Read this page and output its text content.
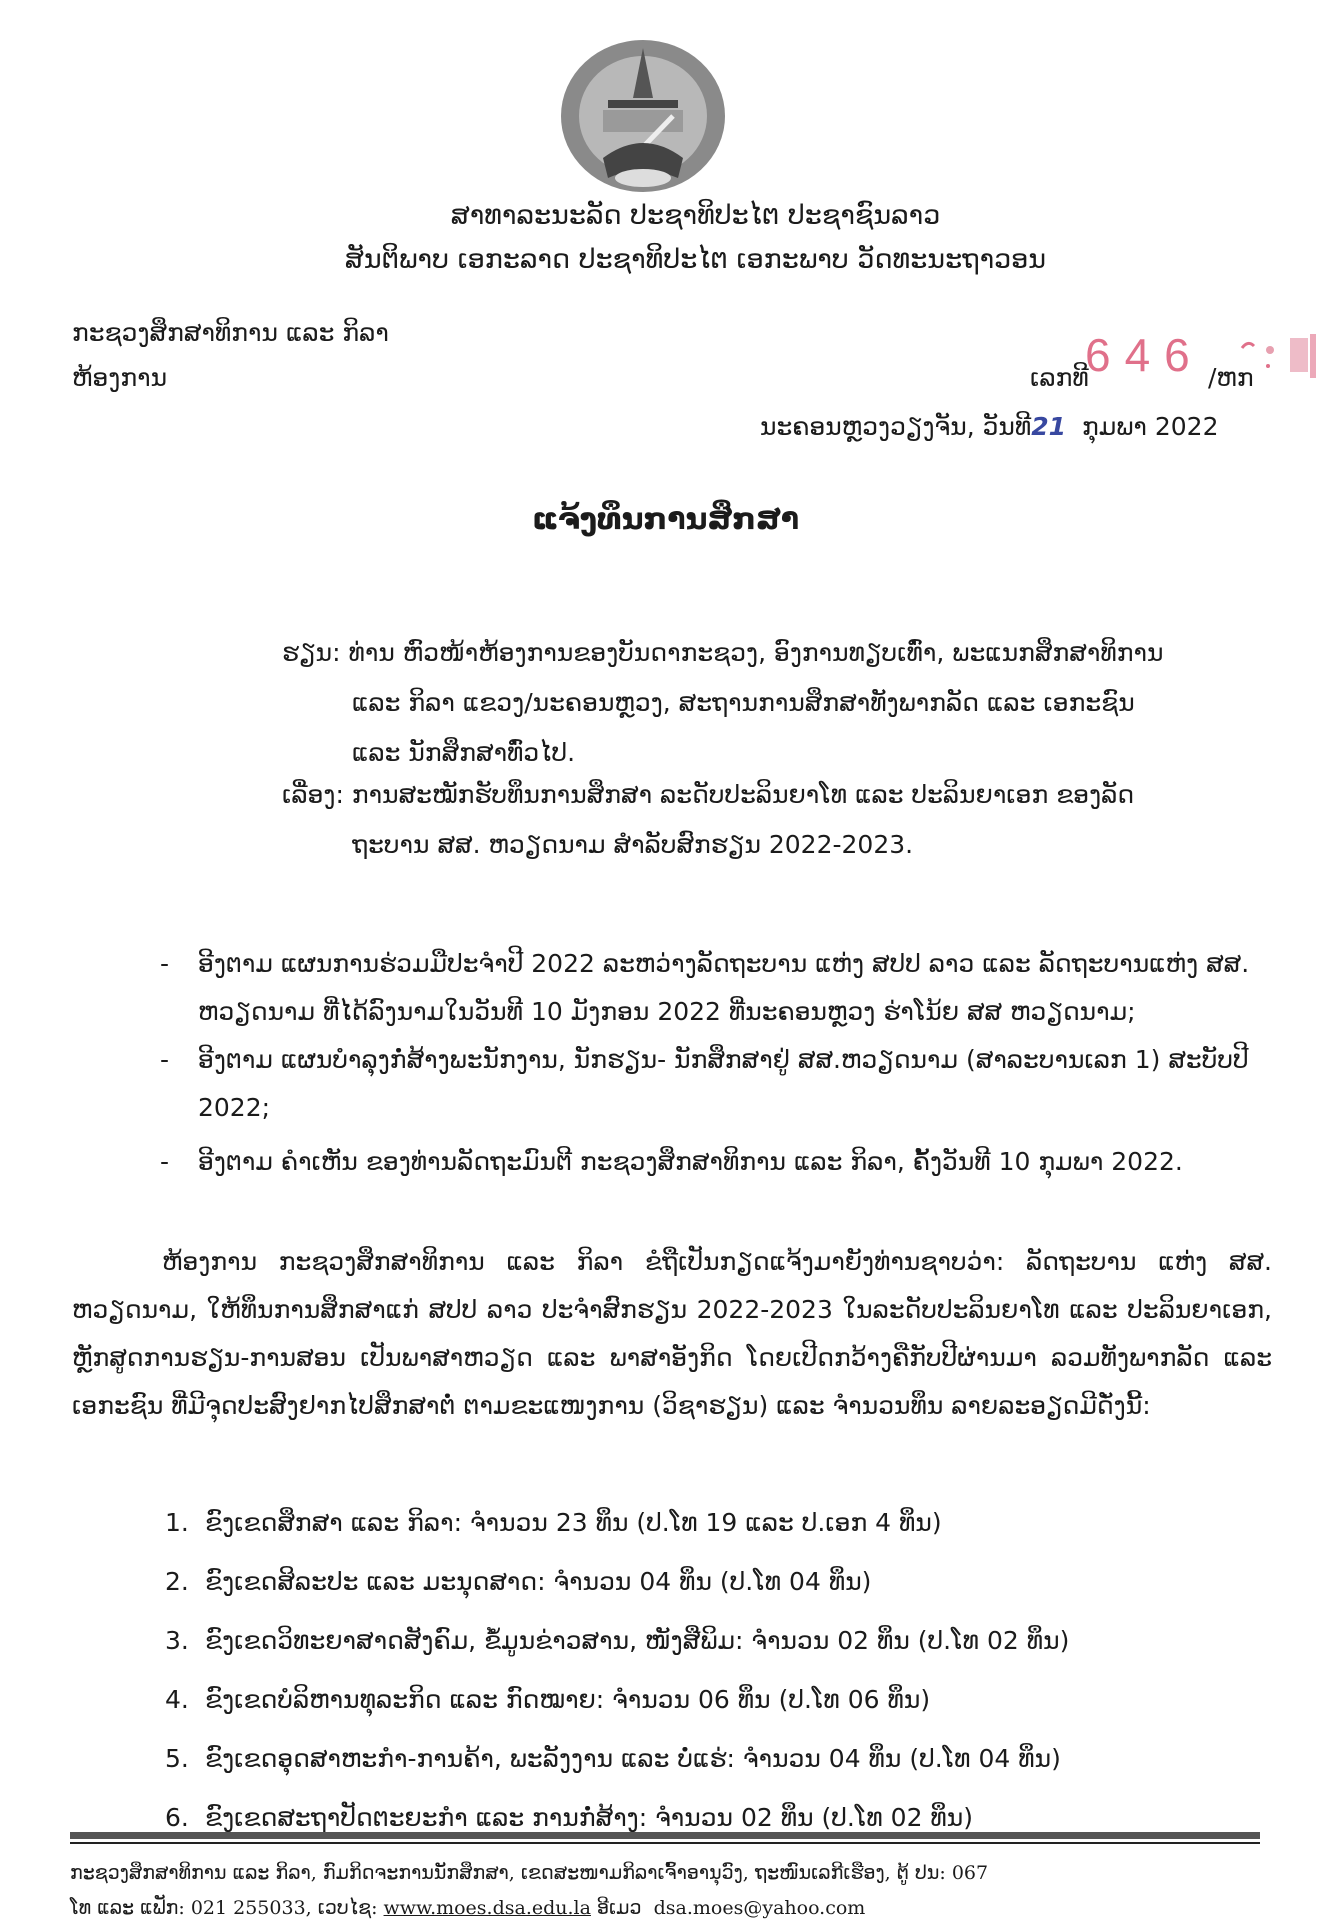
ສາທາລະນະລັດ ປະຊາທິປະໄຕ ປະຊາຊົນລາວ
ສັນຕິພາບ ເອກະລາດ ປະຊາທິປະໄຕ ເອກະພາບ ວັດທະນະຖາວອນ
ກະຊວງສຶກສາທິການ ແລະ ກິລາ
ຫ້ອງການ	ເລກທີ
646 /ຫກ
ນະຄອນຫຼວງວຽງຈັນ, ວັນທີ21 ກຸມພາ 2022
ແຈ້ງທຶນການສຶກສາ
ຮຽນ: ທ່ານ ຫົວໜ້າຫ້ອງການຂອງບັນດາກະຊວງ, ອົງການທຽບເທົ່າ, ພະແນກສຶກສາທິການ
ແລະ ກິລາ ແຂວງ/ນະຄອນຫຼວງ, ສະຖານການສຶກສາທັງພາກລັດ ແລະ ເອກະຊົນ
ແລະ ນັກສຶກສາທົ່ວໄປ.
ເລື່ອງ: ການສະໝັກຮັບທຶນການສຶກສາ ລະດັບປະລິນຍາໂທ ແລະ ປະລິນຍາເອກ ຂອງລັດ
ຖະບານ ສສ. ຫວຽດນາມ ສຳລັບສົກຮຽນ 2022-2023.
-	ອີງຕາມ ແຜນການຮ່ວມມືປະຈຳປີ 2022 ລະຫວ່າງລັດຖະບານ ແຫ່ງ ສປປ ລາວ ແລະ ລັດຖະບານແຫ່ງ ສສ. ຫວຽດນາມ ທີ່ໄດ້ລົງນາມໃນວັນທີ 10 ມັງກອນ 2022 ທີ່ນະຄອນຫຼວງ ຮ່າໂນ້ຍ ສສ ຫວຽດນາມ;
-	ອີງຕາມ ແຜນບຳລຸງກໍ່ສ້າງພະນັກງານ, ນັກຮຽນ- ນັກສຶກສາຢູ່ ສສ.ຫວຽດນາມ (ສາລະບານເລກ 1) ສະບັບປີ 2022;
-	ອີງຕາມ ຄຳເຫັນ ຂອງທ່ານລັດຖະມົນຕີ ກະຊວງສຶກສາທິການ ແລະ ກິລາ, ຄັ້ງວັນທີ 10 ກຸມພາ 2022.
ຫ້ອງການ ກະຊວງສຶກສາທິການ ແລະ ກິລາ ຂໍຖືເປັນກຽດແຈ້ງມາຍັງທ່ານຊາບວ່າ: ລັດຖະບານ ແຫ່ງ ສສ. ຫວຽດນາມ, ໃຫ້ທຶນການສຶກສາແກ່ ສປປ ລາວ ປະຈຳສົກຮຽນ 2022-2023 ໃນລະດັບປະລິນຍາໂທ ແລະ ປະລິນຍາເອກ, ຫຼັກສູດການຮຽນ-ການສອນ ເປັນພາສາຫວຽດ ແລະ ພາສາອັງກິດ ໂດຍເປີດກວ້າງຄືກັບປີຜ່ານມາ ລວມທັງພາກລັດ ແລະ ເອກະຊົນ ທີ່ມີຈຸດປະສົງຢາກໄປສຶກສາຕໍ່ ຕາມຂະແໜງການ (ວິຊາຮຽນ) ແລະ ຈຳນວນທຶນ ລາຍລະອຽດມີດັ່ງນີ້:
1. ຂົງເຂດສຶກສາ ແລະ ກິລາ: ຈຳນວນ 23 ທຶນ (ປ.ໂທ 19 ແລະ ປ.ເອກ 4 ທຶນ)
2. ຂົງເຂດສິລະປະ ແລະ ມະນຸດສາດ: ຈຳນວນ 04 ທຶນ (ປ.ໂທ 04 ທຶນ)
3. ຂົງເຂດວິທະຍາສາດສັງຄົມ, ຂໍ້ມູນຂ່າວສານ, ໜັງສືພິມ: ຈຳນວນ 02 ທຶນ (ປ.ໂທ 02 ທຶນ)
4. ຂົງເຂດບໍລິຫານທຸລະກິດ ແລະ ກົດໝາຍ: ຈຳນວນ 06 ທຶນ (ປ.ໂທ 06 ທຶນ)
5. ຂົງເຂດອຸດສາຫະກຳ-ການຄ້າ, ພະລັງງານ ແລະ ບໍ່ແຮ່: ຈຳນວນ 04 ທຶນ (ປ.ໂທ 04 ທຶນ)
6. ຂົງເຂດສະຖາປັດຕະຍະກຳ ແລະ ການກໍ່ສ້າງ: ຈຳນວນ 02 ທຶນ (ປ.ໂທ 02 ທຶນ)
ກະຊວງສຶກສາທິການ ແລະ ກິລາ, ກົມກິດຈະການນັກສຶກສາ, ເຂດສະໜາມກິລາເຈົ້າອານຸວົງ, ຖະໜົນເລກີເຮືອງ, ຕູ້ ປນ: 067
ໂທ ແລະ ແຟັກ: 021 255033, ເວບໄຊ: www.moes.dsa.edu.la ອີເມວ dsa.moes@yahoo.com
